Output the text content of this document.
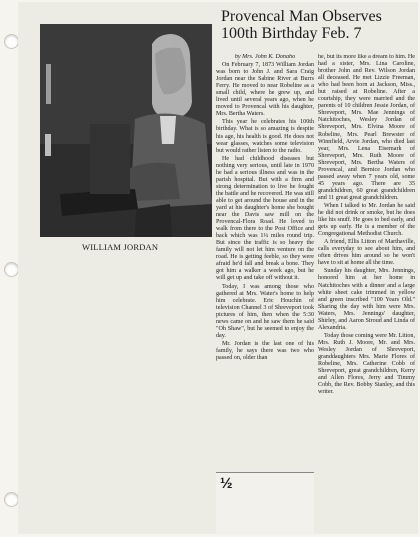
WILLIAM JORDAN
Provencal Man Observes 100th Birthday Feb. 7

by Mrs. John K. Donaho

On February 7, 1873 William Jordan was born to John J. and Sara Craig Jordan near the Sabine River at Burrs Ferry. He moved to near Robeline as a small child, where he grew up, and lived until several years ago, when he moved to Provencal with his daughter, Mrs. Bertha Waters.

This year he celebrates his 100th birthday. What is so amazing is despite his age, his health is good. He does not wear glasses, watches some television but would rather listen to the radio.

He had childhood diseases but nothing very serious, until late in 1970 he had a serious illness and was in the parish hospital. But with a firm and strong determination to live he fought the battle and he recovered. He was still able to get around the house and in the yard at his daughter's home she bought near the Davis saw mill on the Provencal-Flora Road. He loved to walk from there to the Post Office and back which was 1¼ miles round trip. But since the traffic is so heavy the family will not let him venture on the road. He is getting feeble, so they were afraid he'd fall and break a bone. They got him a walker a week ago, but he will get up and take off without it.

Today, I was among those who gathered at Mrs. Water's home to help him celebrate. Eric Houchin of television Channel 3 of Shreveport took pictures of him, then when the 5:30 news came on and he saw them he said "Oh Shaw", but he seemed to enjoy the day.

Mr. Jordan is the last one of his family, he says there was two who passed on, older than

he, but its more like a dream to him. He had a sister, Mrs. Lina Caroline, brother John and Rev. Wilson Jordan all deceased. He met Lizzie Freeman, who had been born at Jackson, Miss., but raised at Robeline. After a courtship, they were married and the parents of 10 children Jessie Jordan, of Shreveport, Mrs. Mae Jennings of Natchitoches, Wesley Jordan of Shreveport, Mrs. Elvina Moore of Robeline, Mrs. Pearl Brewster of Winnfield, Arvie Jordan, who died last year, Mrs. Lena Eisemark of Shreveport, Mrs. Ruth Moore of Shreveport, Mrs. Bertha Waters of Provencal, and Bernice Jordan who passed away when 7 years old, some 45 years ago. There are 35 grandchildren, 60 great grandchildren and 11 great great grandchildren.

When I talked to Mr. Jordan he said he did not drink or smoke, but he does like his snuff. He goes to bed early, and gets up early. He is a member of the Congregational Methodist Church.

A friend, Ellis Litton of Marthaville, calls everyday to see about him, and often drives him around so he won't have to sit at home all the time.

Sunday his daughter, Mrs. Jennings, honored him at her home in Natchitoches with a dinner and a large white sheet cake trimmed in yellow and green inscribed "100 Years Old." Sharing the day with him were Mrs. Waters, Mrs. Jennings' daughter, Shirley, and Aaron Stroud and Linda of Alexandria.

Today those coming were Mr. Litton, Mrs. Ruth J. Moore, Mr. and Mrs. Wesley Jordan of Shreveport, granddaughters Mrs. Marie Flores of Robeline, Mrs. Catherine Cobb of Shreveport, great grandchildren, Kerry and Allen Flores, Jerry and Timmy Cobb, the Rev. Bobby Stanley, and this writer.

½
